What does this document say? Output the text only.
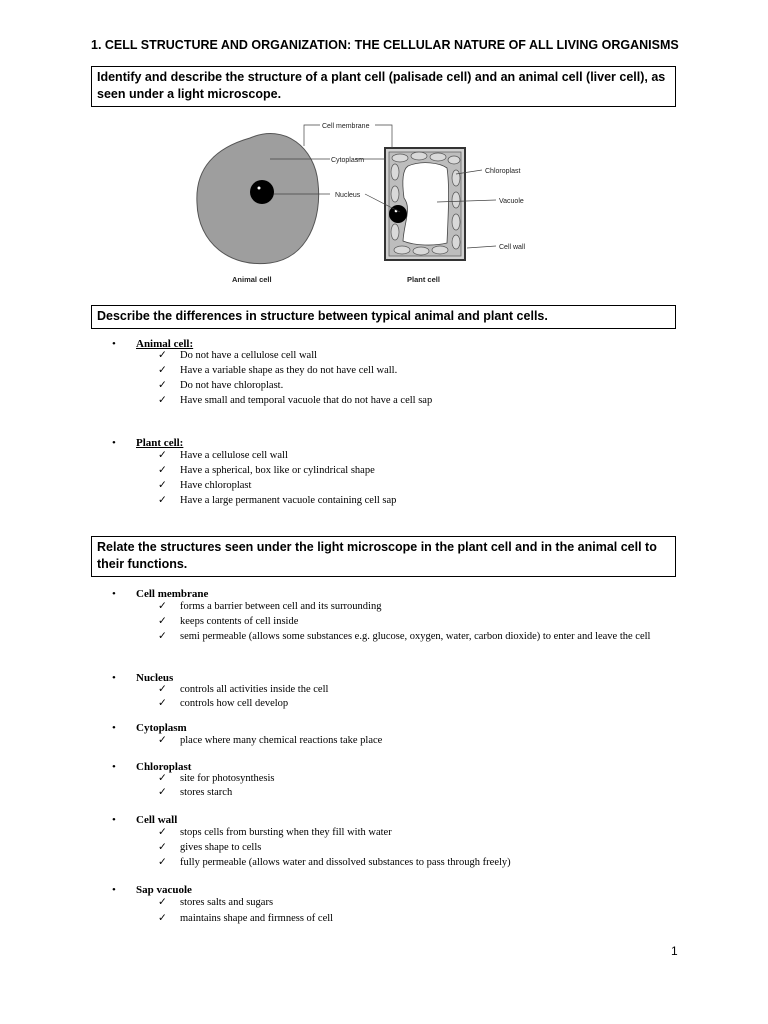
1. CELL STRUCTURE AND ORGANIZATION: THE CELLULAR NATURE OF ALL LIVING ORGANISMS
Identify and describe the structure of a plant cell (palisade cell) and an animal cell (liver cell), as seen under a light microscope.
Cell membrane
Cytoplasm
Nucleus
Chloroplast
Vacuole
Cell wall
Animal cell	Plant cell
Describe the differences in structure between typical animal and plant cells.
• Animal cell:
✓ Do not have a cellulose cell wall
✓ Have a variable shape as they do not have cell wall.
✓ Do not have chloroplast.
✓ Have small and temporal vacuole that do not have a cell sap
• Plant cell:
✓ Have a cellulose cell wall
✓ Have a spherical, box like or cylindrical shape
✓ Have chloroplast
✓ Have a large permanent vacuole containing cell sap
Relate the structures seen under the light microscope in the plant cell and in the animal cell to their functions.
• Cell membrane
✓ forms a barrier between cell and its surrounding
✓ keeps contents of cell inside
✓ semi permeable (allows some substances e.g. glucose, oxygen, water, carbon dioxide) to enter and leave the cell
• Nucleus
✓ controls all activities inside the cell
✓ controls how cell develop
• Cytoplasm
✓ place where many chemical reactions take place
• Chloroplast
✓ site for photosynthesis
✓ stores starch
• Cell wall
✓ stops cells from bursting when they fill with water
✓ gives shape to cells
✓ fully permeable (allows water and dissolved substances to pass through freely)
• Sap vacuole
✓ stores salts and sugars
✓ maintains shape and firmness of cell
1
